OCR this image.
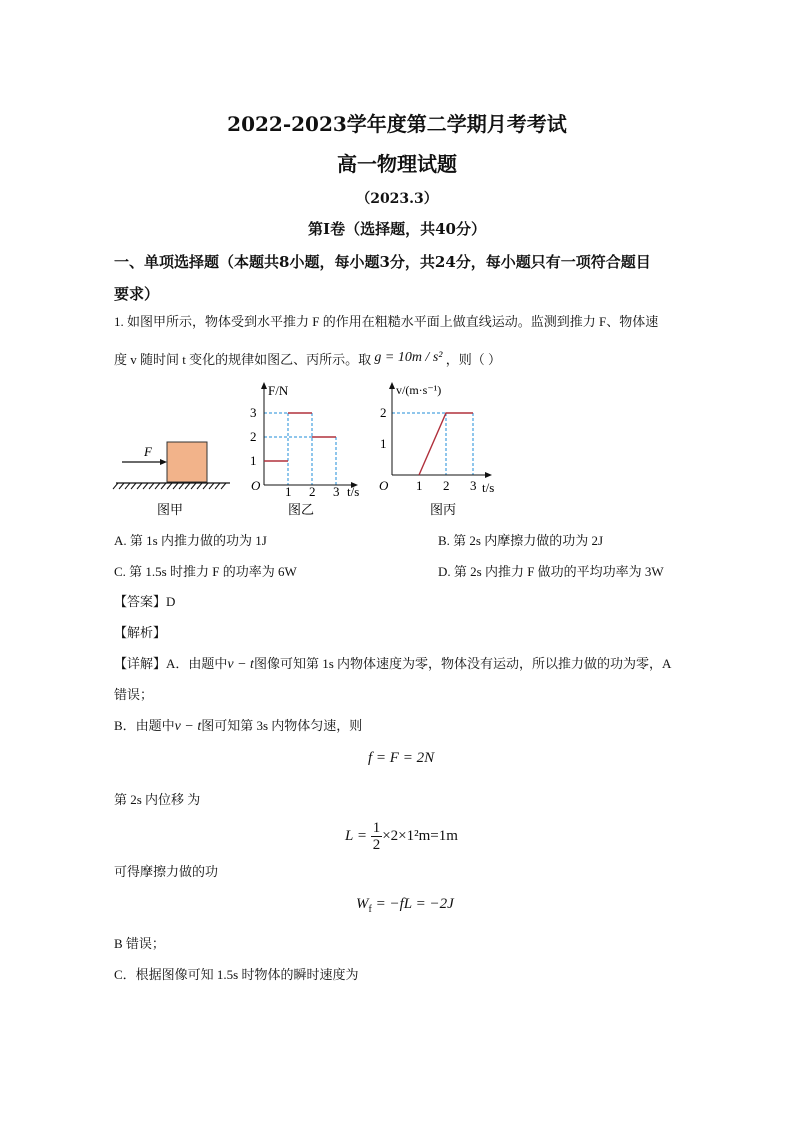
2022-2023学年度第二学期月考考试
高一物理试题
（2023.3）
第Ⅰ卷（选择题，共40分）
一、单项选择题（本题共8小题，每小题3分，共24分，每小题只有一项符合题目
要求）
1. 如图甲所示，物体受到水平推力 F 的作用在粗糙水平面上做直线运动。监测到推力 F、物体速
度 v 随时间 t 变化的规律如图乙、丙所示。取 g = 10m / s² ，则（ ）
F
图甲
F/N
t/s
O 1 2 3
1
2
3
图乙
v/(m·s⁻¹)
t/s
O 1 2 3
1
2
图丙
A. 第 1s 内推力做的功为 1J	B. 第 2s 内摩擦力做的功为 2J
C. 第 1.5s 时推力 F 的功率为 6W	D. 第 2s 内推力 F 做功的平均功率为 3W
【答案】D
【解析】
【详解】A．由题中v − t图像可知第 1s 内物体速度为零，物体没有运动，所以推力做的功为零，A
错误；
B．由题中v − t图可知第 3s 内物体匀速，则
f = F = 2N
第 2s 内位移 为
$L = \frac{1}{2} \times 2\times 1^2m=1m$
可得摩擦力做的功
$W_f = -fL = -2J$
B 错误；
C．根据图像可知 1.5s 时物体的瞬时速度为
